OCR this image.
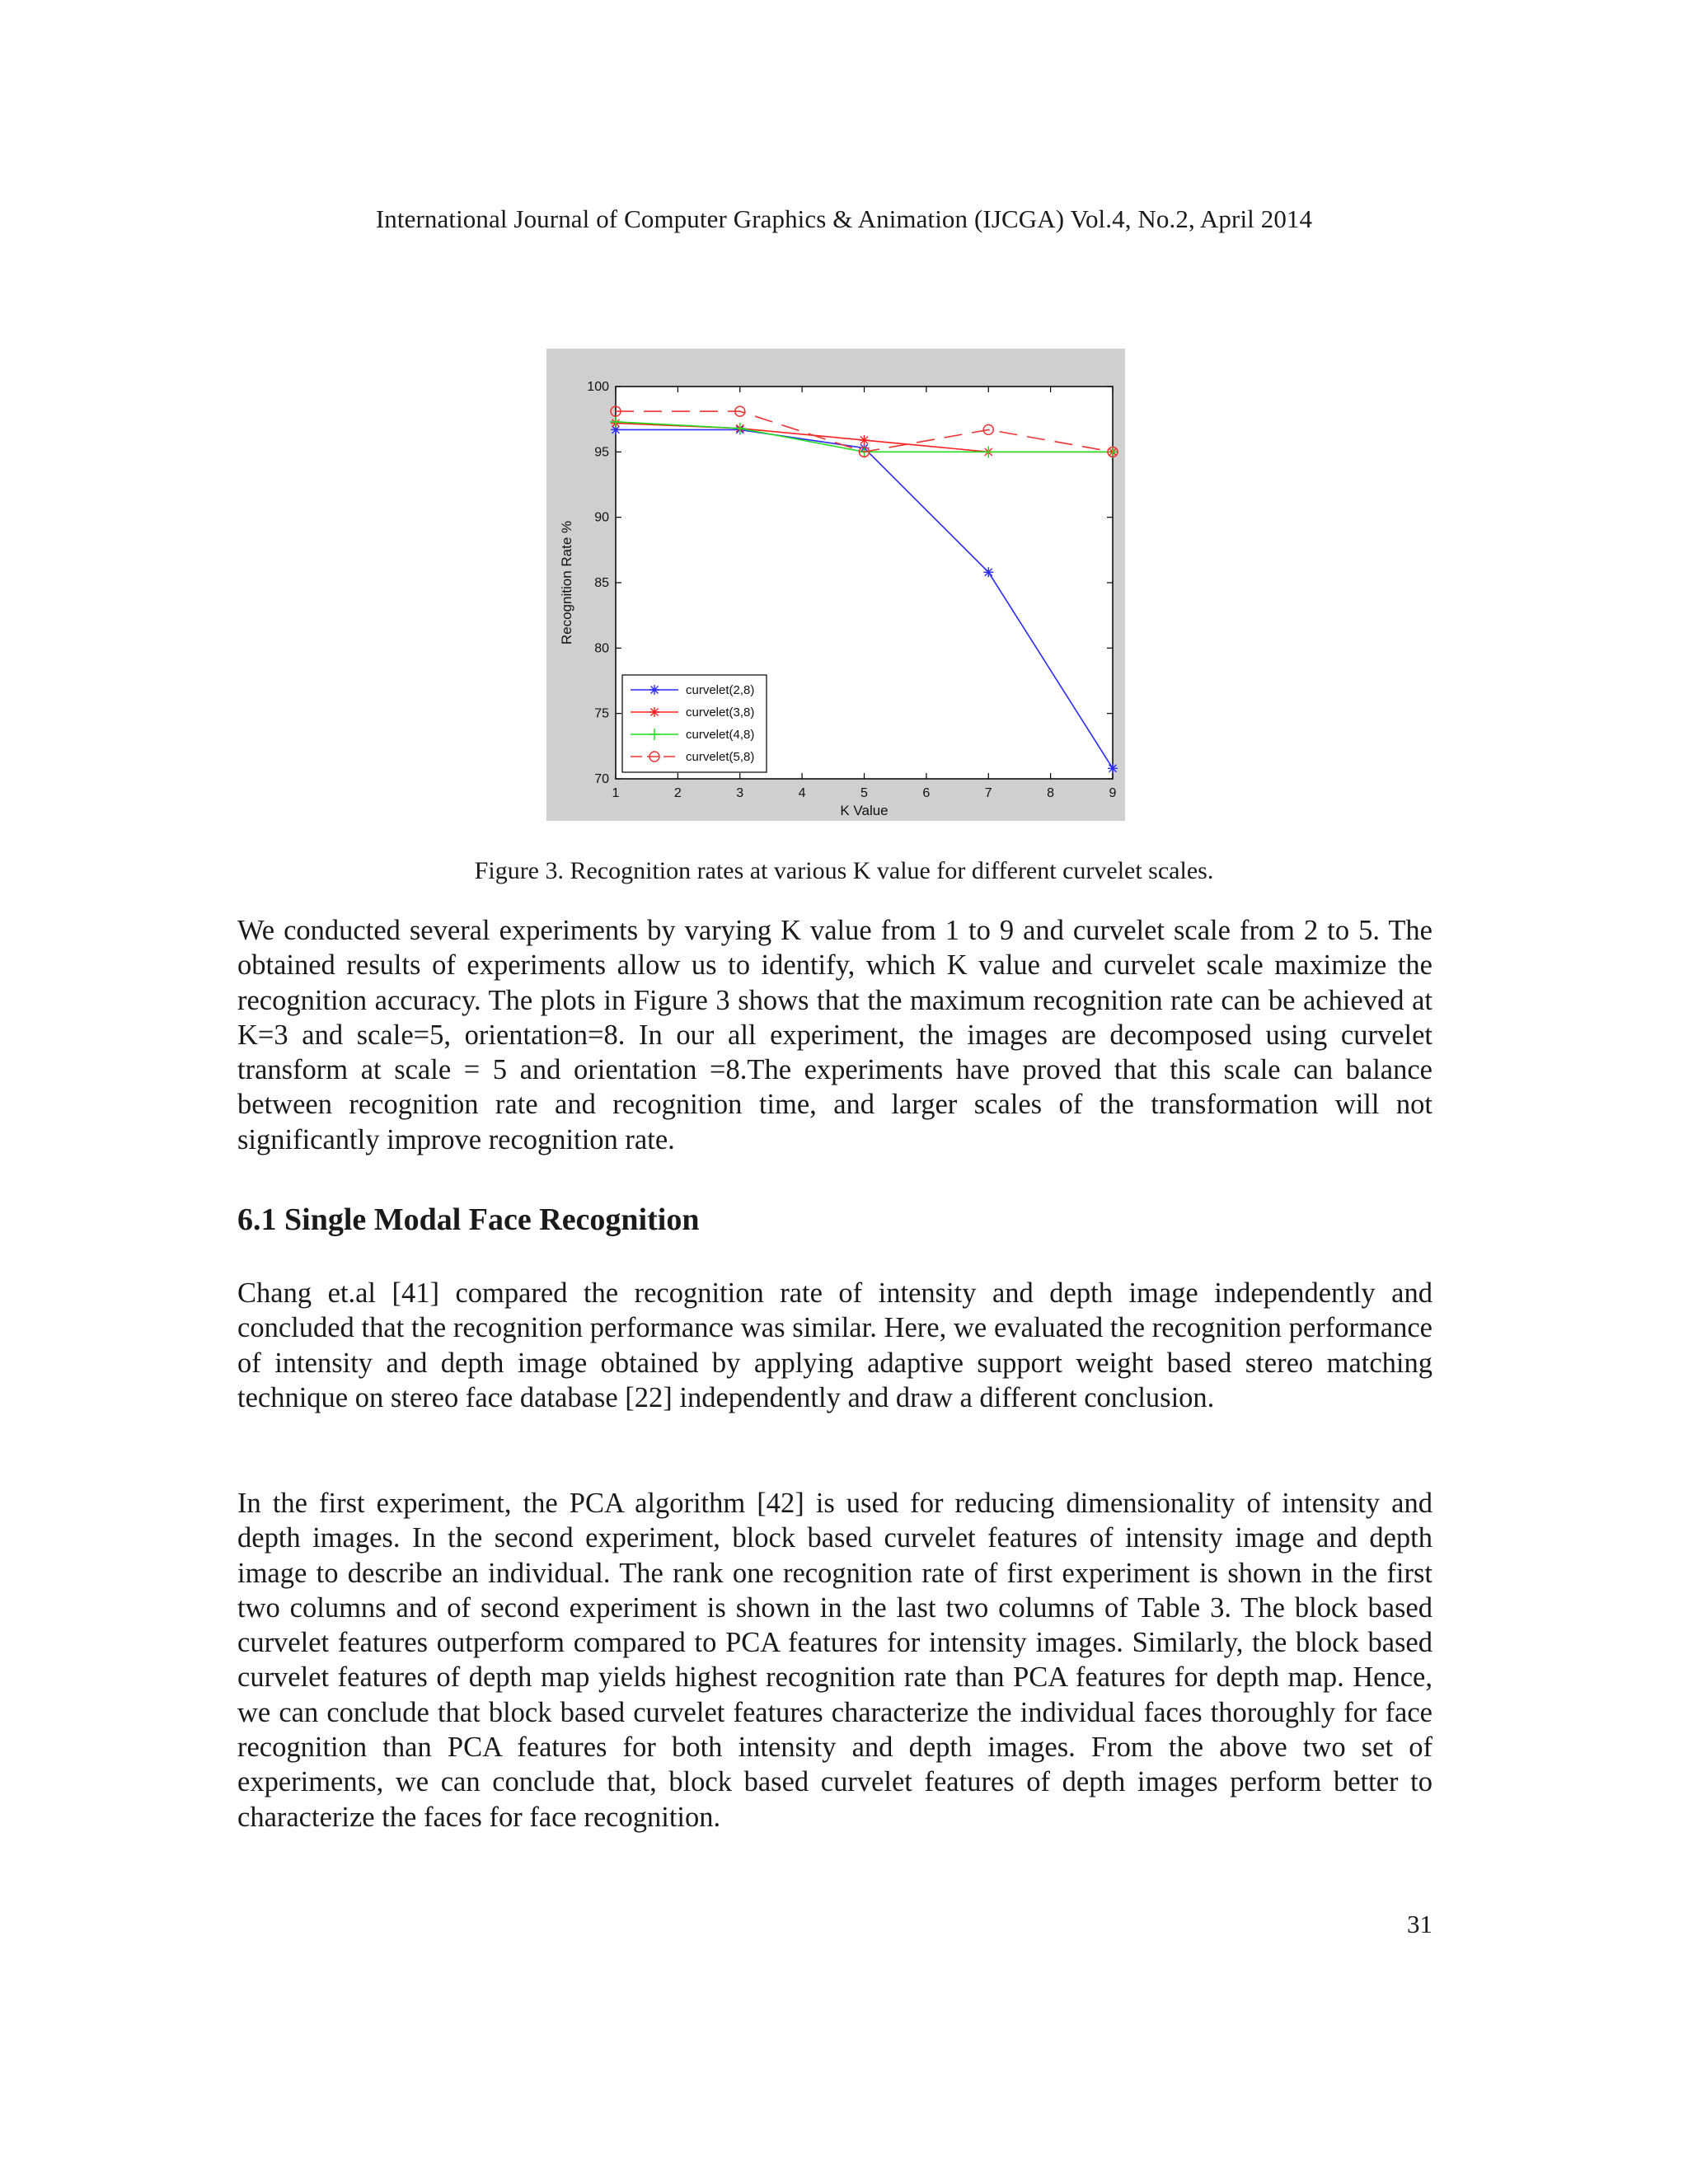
International Journal of Computer Graphics & Animation (IJCGA) Vol.4, No.2, April 2014
1	2	3	4	5	6	7	8	9
70
75
80
85
90
95
100
K Value
Recognition Rate %
curvelet(2,8)
curvelet(3,8)
curvelet(4,8)
curvelet(5,8)
Figure 3. Recognition rates at various K value for different curvelet scales.
We conducted several experiments by varying K value from 1 to 9 and curvelet scale from 2 to 5. The obtained results of experiments allow us to identify, which K value and curvelet scale maximize the recognition accuracy. The plots in Figure 3 shows that the maximum recognition rate can be achieved at K=3 and scale=5, orientation=8. In our all experiment, the images are decomposed using curvelet transform at scale = 5 and orientation =8.The experiments have proved that this scale can balance between recognition rate and recognition time, and larger scales of the transformation will not significantly improve recognition rate.
6.1 Single Modal Face Recognition
Chang et.al [41] compared the recognition rate of intensity and depth image independently and concluded that the recognition performance was similar. Here, we evaluated the recognition performance of intensity and depth image obtained by applying adaptive support weight based stereo matching technique on stereo face database [22] independently and draw a different conclusion.
In the first experiment, the PCA algorithm [42] is used for reducing dimensionality of intensity and depth images. In the second experiment, block based curvelet features of intensity image and depth image to describe an individual. The rank one recognition rate of first experiment is shown in the first two columns and of second experiment is shown in the last two columns of Table 3. The block based curvelet features outperform compared to PCA features for intensity images. Similarly, the block based curvelet features of depth map yields highest recognition rate than PCA features for depth map. Hence, we can conclude that block based curvelet features characterize the individual faces thoroughly for face recognition than PCA features for both intensity and depth images. From the above two set of experiments, we can conclude that, block based curvelet features of depth images perform better to characterize the faces for face recognition.
31
